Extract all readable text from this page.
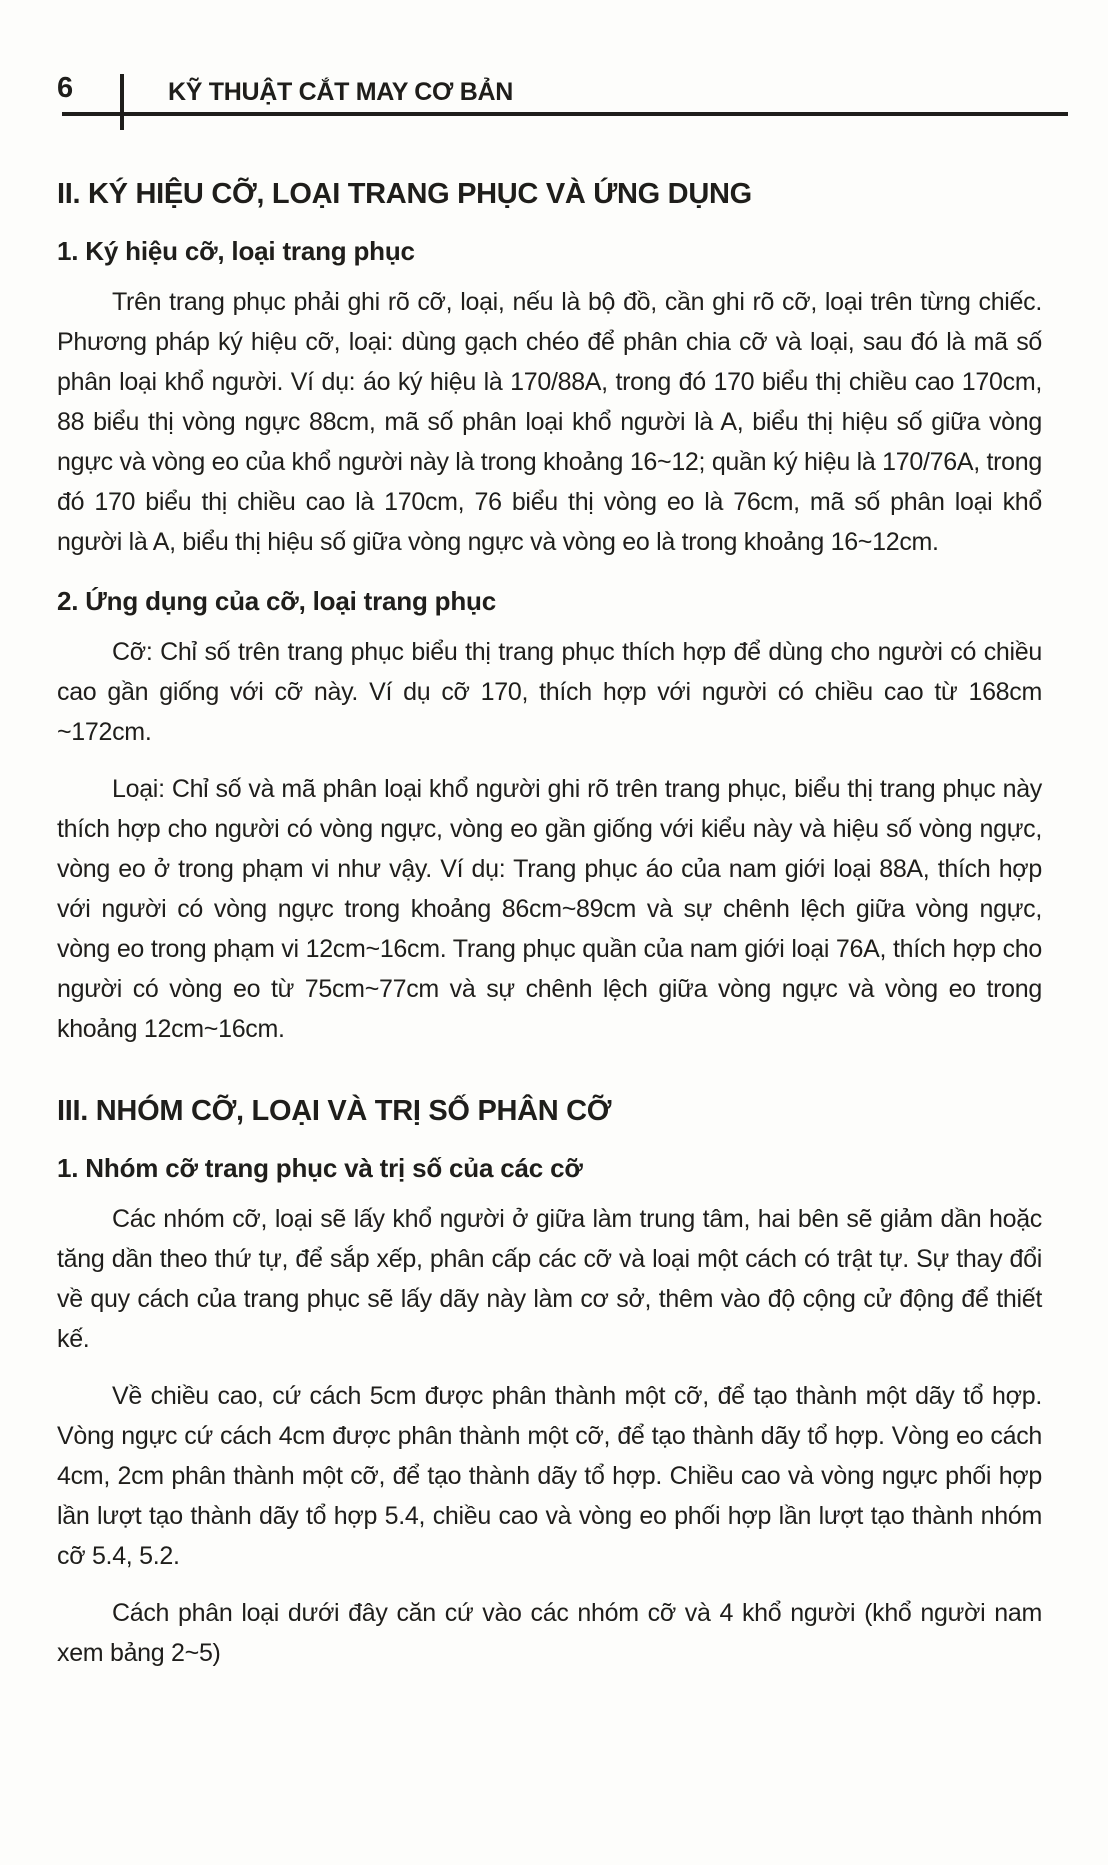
6	KỸ THUẬT CẮT MAY CƠ BẢN
II. KÝ HIỆU CỠ, LOẠI TRANG PHỤC VÀ ỨNG DỤNG
1. Ký hiệu cỡ, loại trang phục

Trên trang phục phải ghi rõ cỡ, loại, nếu là bộ đồ, cần ghi rõ cỡ, loại trên từng chiếc. Phương pháp ký hiệu cỡ, loại: dùng gạch chéo để phân chia cỡ và loại, sau đó là mã số phân loại khổ người. Ví dụ: áo ký hiệu là 170/88A, trong đó 170 biểu thị chiều cao 170cm, 88 biểu thị vòng ngực 88cm, mã số phân loại khổ người là A, biểu thị hiệu số giữa vòng ngực và vòng eo của khổ người này là trong khoảng 16~12; quần ký hiệu là 170/76A, trong đó 170 biểu thị chiều cao là 170cm, 76 biểu thị vòng eo là 76cm, mã số phân loại khổ người là A, biểu thị hiệu số giữa vòng ngực và vòng eo là trong khoảng 16~12cm.

2. Ứng dụng của cỡ, loại trang phục

Cỡ: Chỉ số trên trang phục biểu thị trang phục thích hợp để dùng cho người có chiều cao gần giống với cỡ này. Ví dụ cỡ 170, thích hợp với người có chiều cao từ 168cm ~172cm.

Loại: Chỉ số và mã phân loại khổ người ghi rõ trên trang phục, biểu thị trang phục này thích hợp cho người có vòng ngực, vòng eo gần giống với kiểu này và hiệu số vòng ngực, vòng eo ở trong phạm vi như vậy. Ví dụ: Trang phục áo của nam giới loại 88A, thích hợp với người có vòng ngực trong khoảng 86cm~89cm và sự chênh lệch giữa vòng ngực, vòng eo trong phạm vi 12cm~16cm. Trang phục quần của nam giới loại 76A, thích hợp cho người có vòng eo từ 75cm~77cm và sự chênh lệch giữa vòng ngực và vòng eo trong khoảng 12cm~16cm.

III. NHÓM CỠ, LOẠI VÀ TRỊ SỐ PHÂN CỠ
1. Nhóm cỡ trang phục và trị số của các cỡ

Các nhóm cỡ, loại sẽ lấy khổ người ở giữa làm trung tâm, hai bên sẽ giảm dần hoặc tăng dần theo thứ tự, để sắp xếp, phân cấp các cỡ và loại một cách có trật tự. Sự thay đổi về quy cách của trang phục sẽ lấy dãy này làm cơ sở, thêm vào độ cộng cử động để thiết kế.

Về chiều cao, cứ cách 5cm được phân thành một cỡ, để tạo thành một dãy tổ hợp. Vòng ngực cứ cách 4cm được phân thành một cỡ, để tạo thành dãy tổ hợp. Vòng eo cách 4cm, 2cm phân thành một cỡ, để tạo thành dãy tổ hợp. Chiều cao và vòng ngực phối hợp lần lượt tạo thành dãy tổ hợp 5.4, chiều cao và vòng eo phối hợp lần lượt tạo thành nhóm cỡ 5.4, 5.2.

Cách phân loại dưới đây căn cứ vào các nhóm cỡ và 4 khổ người (khổ người nam xem bảng 2~5)
